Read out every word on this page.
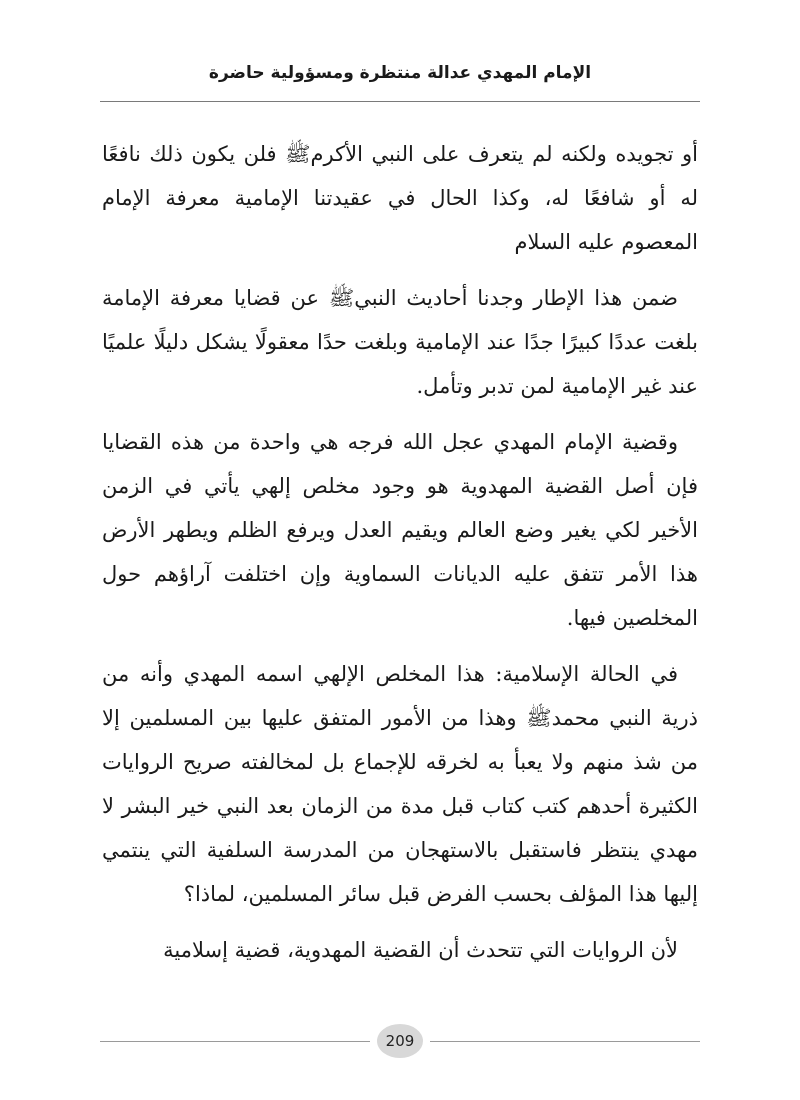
الإمام المهدي عدالة منتظرة ومسؤولية حاضرة

أو تجويده ولكنه لم يتعرف على النبي الأكرمﷺ فلن يكون ذلك نافعًا له أو شافعًا له، وكذا الحال في عقيدتنا الإمامية معرفة الإمام المعصوم عليه السلام

ضمن هذا الإطار وجدنا أحاديث النبيﷺ عن قضايا معرفة الإمامة بلغت عددًا كبيرًا جدًا عند الإمامية وبلغت حدًا معقولًا يشكل دليلًا علميًا عند غير الإمامية لمن تدبر وتأمل.

وقضية الإمام المهدي عجل الله فرجه هي واحدة من هذه القضايا فإن أصل القضية المهدوية هو وجود مخلص إلهي يأتي في الزمن الأخير لكي يغير وضع العالم ويقيم العدل ويرفع الظلم ويطهر الأرض هذا الأمر تتفق عليه الديانات السماوية وإن اختلفت آراؤهم حول المخلصين فيها.

في الحالة الإسلامية: هذا المخلص الإلهي اسمه المهدي وأنه من ذرية النبي محمدﷺ وهذا من الأمور المتفق عليها بين المسلمين إلا من شذ منهم ولا يعبأ به لخرقه للإجماع بل لمخالفته صريح الروايات الكثيرة أحدهم كتب كتاب قبل مدة من الزمان بعد النبي خير البشر لا مهدي ينتظر فاستقبل بالاستهجان من المدرسة السلفية التي ينتمي إليها هذا المؤلف بحسب الفرض قبل سائر المسلمين، لماذا؟

لأن الروايات التي تتحدث أن القضية المهدوية، قضية إسلامية

209
